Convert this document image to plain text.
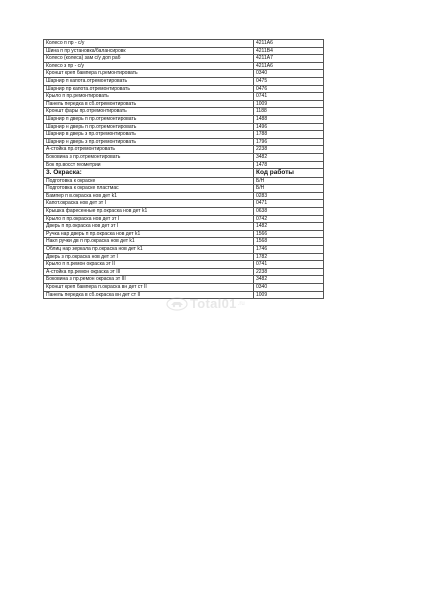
Колесо п пр - с/у	4211А6
Шина п пр установка/балансировк	4211В4
Колесо (колеса) зам с/у доп раб	4211А7
Колесо з пр - с/у	4211А6
Кроншт креп бампера п.ремонтировать	0340
Шарнир п капота.отремонтировать	0475
Шарнир пр капота.отремонтировать	0476
Крыло п пр.ремонтировать	0741
Панель передка в сб.отремонтировать	1009
Кроншт фары пр.отремонтировать	1188
Шарнир п дверь п пр.отремонтировать	1488
Шарнир н дверь п пр.отремонтировать	1496
Шарнир в дверь з пр.отремонтировать	1788
Шарнир н дверь з пр.отремонтировать	1796
А-стойка пр.отремонтировать	2238
Боковина з пр.отремонтировать	3482
Бок пр.восст геометрии	1478
3. Окраска:	Код работы
Подготовка к окраске	Б/Н
Подготовка к окраске пластмас	Б/Н
Бампер п в.окраска нов дет k1	0283
Капот.окраска нов дет эт I	0471
Крышка фаресенные пр.окраска нов дет k1	0638
Крыло п пр.окраска нов дет эт I	0742
Дверь п пр.окраска нов дет эт I	1482
Ручка нар дверь п пр.окраска нов дет k1	1566
Накл ручки дв п пр.окраска нов дет k1	1568
Облиц нар зеркала пр.окраска нов дет k1	1746
Дверь з пр.окраска нов дет эт I	1782
Крыло п п.ремон окраска эт II	0741
А-стойка пр.ремон окраска эт III	2238
Боковина з пр.ремон окраска эт III	3482
Кроншт креп бампера п.окраска вн дет ст II	0340
Панель передка в сб.окраска вн дет ст II	1009
Total01 .ru
